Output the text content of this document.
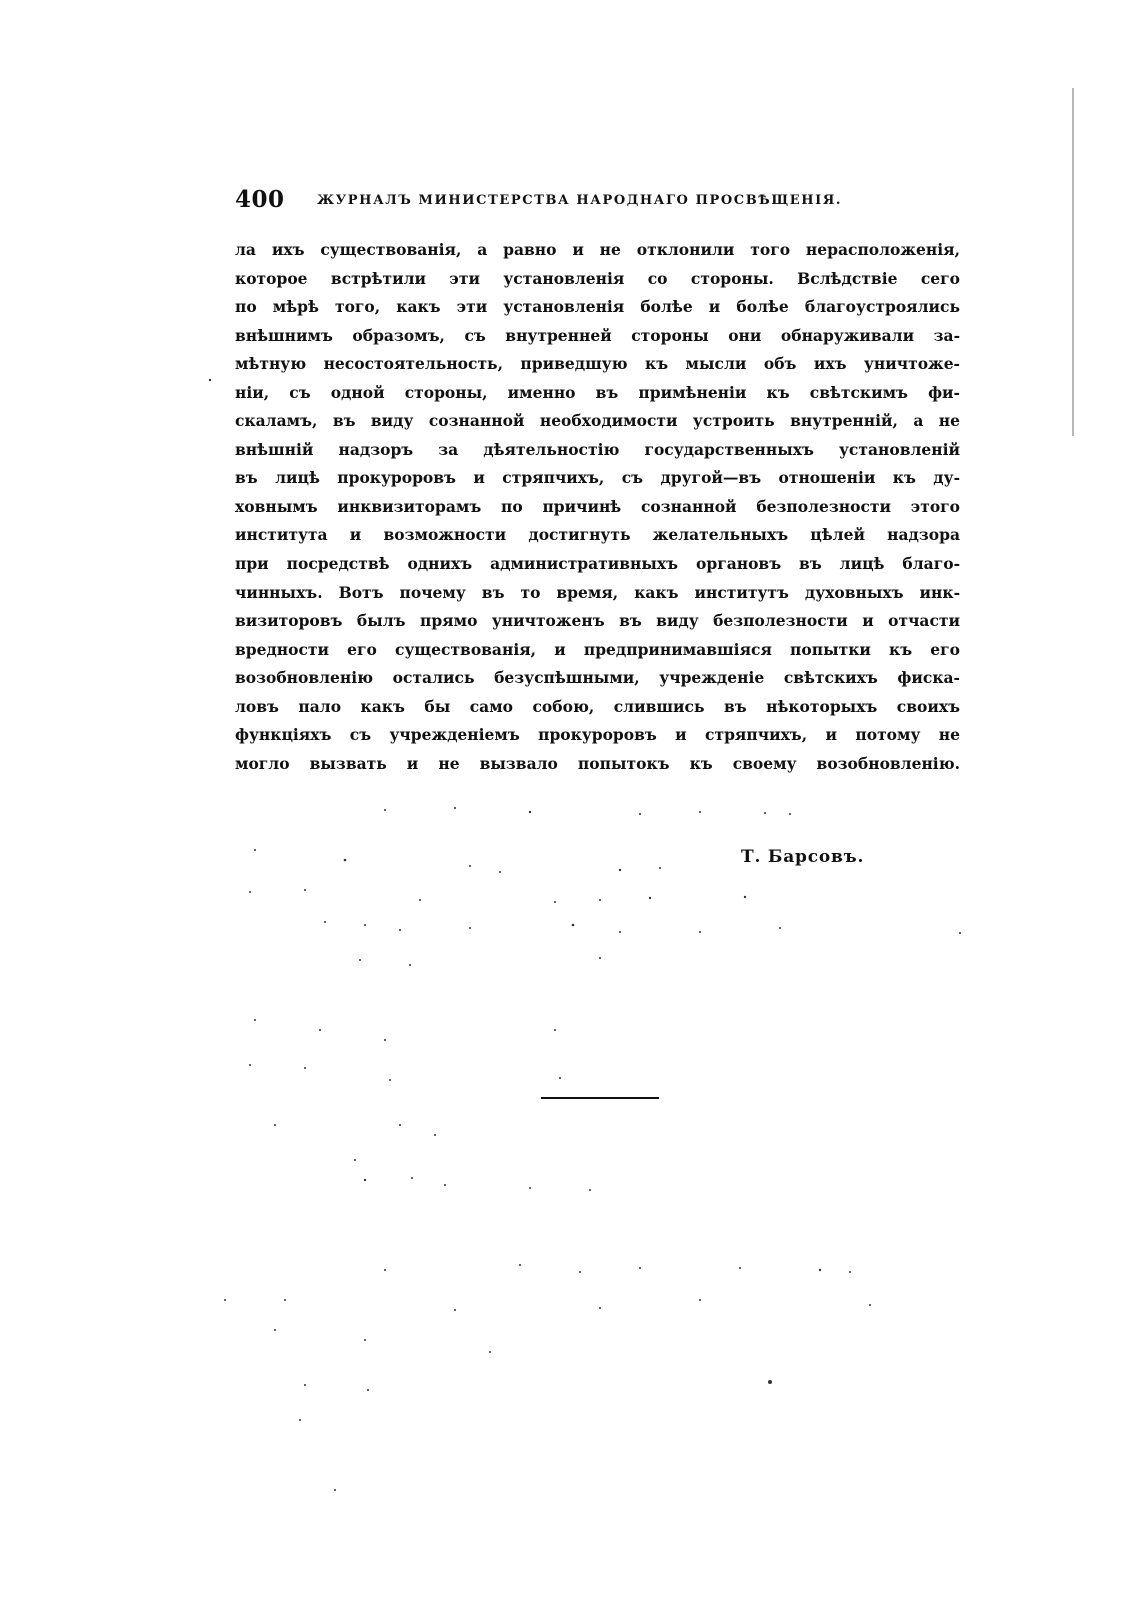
400 ЖУРНАЛЪ МИНИСТЕРСТВА НАРОДНАГО ПРОСВѢЩЕНІЯ.
ла ихъ существованія, а равно и не отклонили того нерасположенія,
которое встрѣтили эти установленія со стороны. Вслѣдствіе сего
по мѣрѣ того, какъ эти установленія болѣе и болѣе благоустроялись
внѣшнимъ образомъ, съ внутренней стороны они обнаруживали за-
мѣтную несостоятельность, приведшую къ мысли объ ихъ уничтоже-
ніи, съ одной стороны, именно въ примѣненіи къ свѣтскимъ фи-
скаламъ, въ виду сознанной необходимости устроить внутренній, а не
внѣшній надзоръ за дѣятельностію государственныхъ установленій
въ лицѣ прокуроровъ и стряпчихъ, съ другой—въ отношеніи къ ду-
ховнымъ инквизиторамъ по причинѣ сознанной безполезности этого
института и возможности достигнуть желательныхъ цѣлей надзора
при посредствѣ однихъ административныхъ органовъ въ лицѣ благо-
чинныхъ. Вотъ почему въ то время, какъ институтъ духовныхъ инк-
визиторовъ былъ прямо уничтоженъ въ виду безполезности и отчасти
вредности его существованія, и предпринимавшіяся попытки къ его
возобновленію остались безуспѣшными, учрежденіе свѣтскихъ фиска-
ловъ пало какъ бы само собою, слившись въ нѣкоторыхъ своихъ
функціяхъ съ учрежденіемъ прокуроровъ и стряпчихъ, и потому не
могло вызвать и не вызвало попытокъ къ своему возобновленію.
Т. Барсовъ.
